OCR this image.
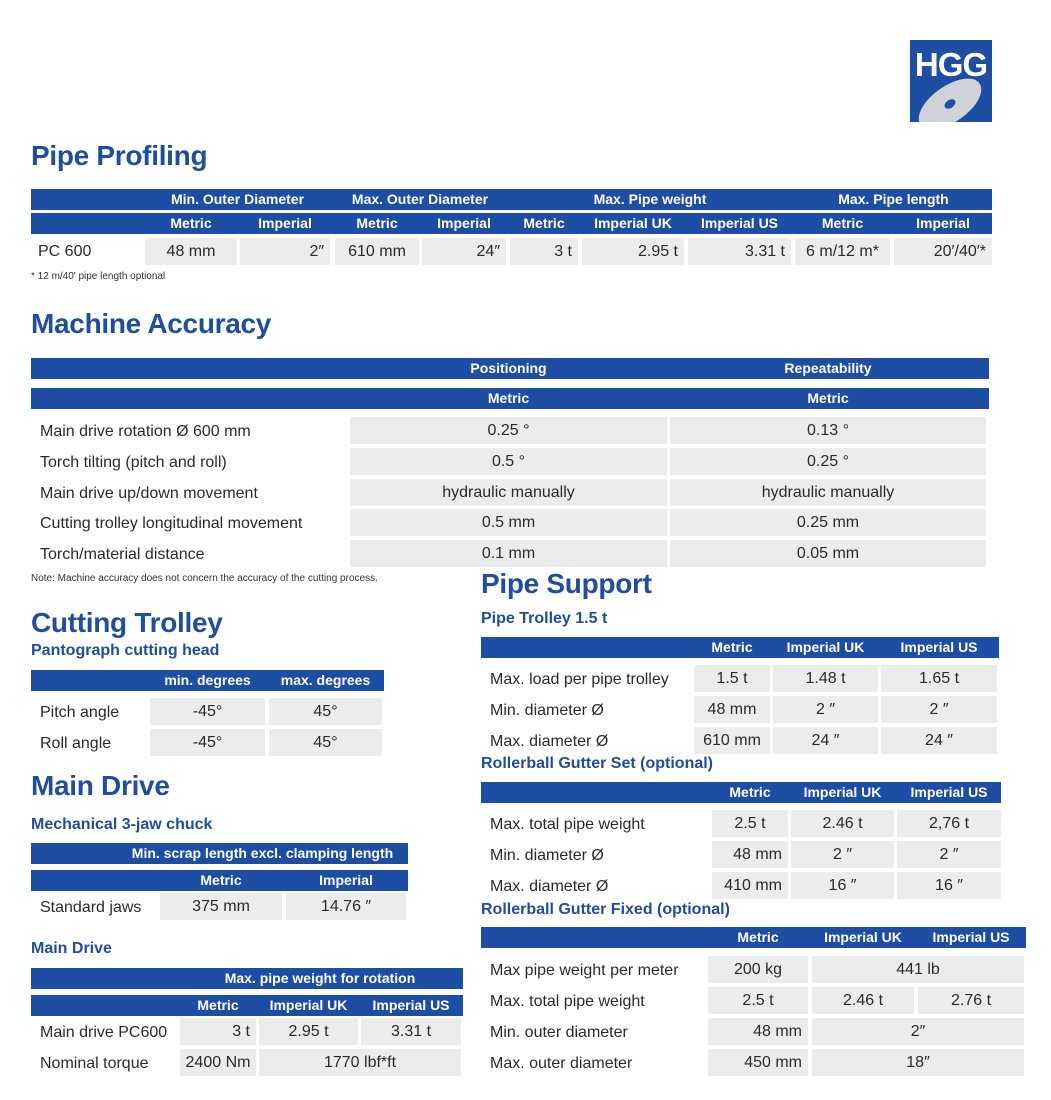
HGG
Pipe Profiling
Min. Outer Diameter	Max. Outer Diameter	Max. Pipe weight	Max. Pipe length
Metric	Imperial	Metric	Imperial	Metric	Imperial UK	Imperial US	Metric	Imperial
PC 600	48 mm	2″	610 mm	24″	3 t	2.95 t	3.31 t	6 m/12 m*	20′/40′*
* 12 m/40′ pipe length optional
Machine Accuracy
Positioning	Repeatability
Metric	Metric
Main drive rotation Ø 600 mm	0.25 °	0.13 °
Torch tilting (pitch and roll)	0.5 °	0.25 °
Main drive up/down movement	hydraulic manually	hydraulic manually
Cutting trolley longitudinal movement	0.5 mm	0.25 mm
Torch/material distance	0.1 mm	0.05 mm
Note: Machine accuracy does not concern the accuracy of the cutting process.
Cutting Trolley
Pantograph cutting head
min. degrees	max. degrees
Pitch angle	-45°	45°
Roll angle	-45°	45°
Main Drive
Mechanical 3-jaw chuck
Min. scrap length excl. clamping length
Metric	Imperial
Standard jaws	375 mm	14.76 ″
Main Drive
Max. pipe weight for rotation
Metric	Imperial UK	Imperial US
Main drive PC600	3 t	2.95 t	3.31 t
Nominal torque	2400 Nm	1770 lbf*ft
Pipe Support
Pipe Trolley 1.5 t
Metric	Imperial UK	Imperial US
Max. load per pipe trolley	1.5 t	1.48 t	1.65 t
Min. diameter Ø	48 mm	2 ″	2 ″
Max. diameter Ø	610 mm	24 ″	24 ″
Rollerball Gutter Set (optional)
Metric	Imperial UK	Imperial US
Max. total pipe weight	2.5 t	2.46 t	2,76 t
Min. diameter Ø	48 mm	2 ″	2 ″
Max. diameter Ø	410 mm	16 ″	16 ″
Rollerball Gutter Fixed (optional)
Metric	Imperial UK	Imperial US
Max pipe weight per meter	200 kg	441 lb
Max. total pipe weight	2.5 t	2.46 t	2.76 t
Min. outer diameter	48 mm	2″
Max. outer diameter	450 mm	18″
